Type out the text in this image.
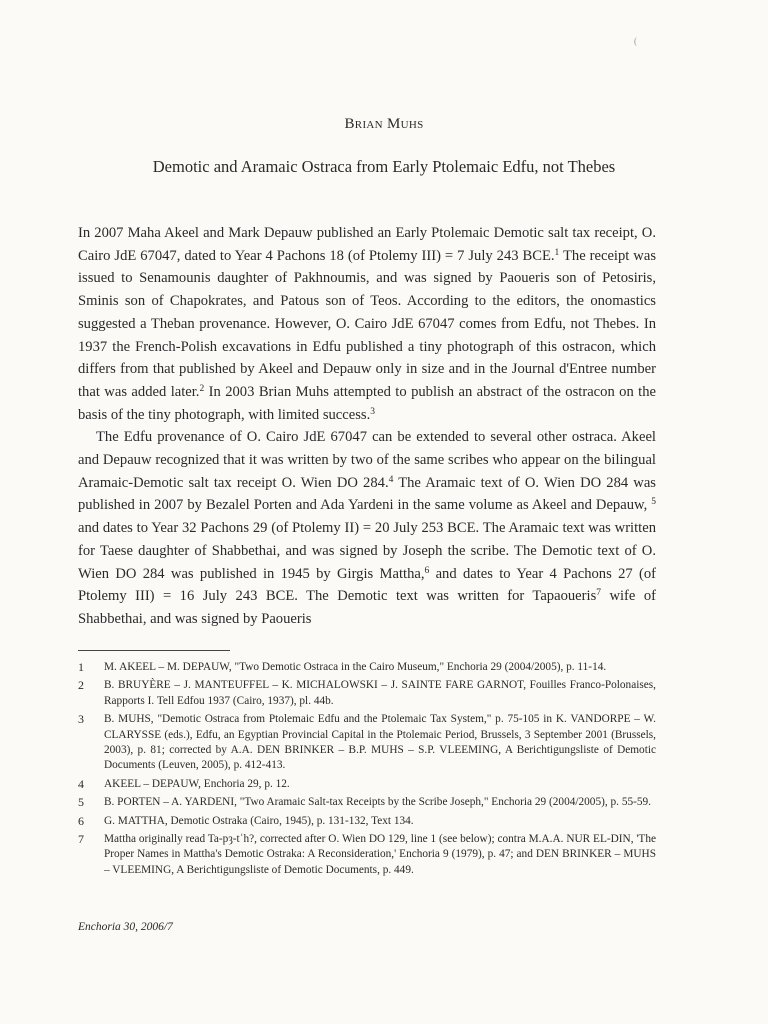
(
Brian Muhs
Demotic and Aramaic Ostraca from Early Ptolemaic Edfu, not Thebes

In 2007 Maha Akeel and Mark Depauw published an Early Ptolemaic Demotic salt tax receipt, O. Cairo JdE 67047, dated to Year 4 Pachons 18 (of Ptolemy III) = 7 July 243 BCE.$^1$ The receipt was issued to Senamounis daughter of Pakhnoumis, and was signed by Paoueris son of Petosiris, Sminis son of Chapokrates, and Patous son of Teos. According to the editors, the onomastics suggested a Theban provenance. However, O. Cairo JdE 67047 comes from Edfu, not Thebes. In 1937 the French-Polish excavations in Edfu published a tiny photograph of this ostracon, which differs from that published by Akeel and Depauw only in size and in the Journal d'Entree number that was added later.$^2$ In 2003 Brian Muhs attempted to publish an abstract of the ostracon on the basis of the tiny photograph, with limited success.$^3$

The Edfu provenance of O. Cairo JdE 67047 can be extended to several other ostraca. Akeel and Depauw recognized that it was written by two of the same scribes who appear on the bilingual Aramaic-Demotic salt tax receipt O. Wien DO 284.$^4$ The Aramaic text of O. Wien DO 284 was published in 2007 by Bezalel Porten and Ada Yardeni in the same volume as Akeel and Depauw, $^5$ and dates to Year 32 Pachons 29 (of Ptolemy II) = 20 July 253 BCE. The Aramaic text was written for Taese daughter of Shabbethai, and was signed by Joseph the scribe. The Demotic text of O. Wien DO 284 was published in 1945 by Girgis Mattha,$^6$ and dates to Year 4 Pachons 27 (of Ptolemy III) = 16 July 243 BCE. The Demotic text was written for Tapaoueris$^7$ wife of Shabbethai, and was signed by Paoueris

1	M. AKEEL – M. DEPAUW, "Two Demotic Ostraca in the Cairo Museum," Enchoria 29 (2004/2005), p. 11-14.
2	B. BRUYÈRE – J. MANTEUFFEL – K. MICHALOWSKI – J. SAINTE FARE GARNOT, Fouilles Franco-Polonaises, Rapports I. Tell Edfou 1937 (Cairo, 1937), pl. 44b.
3	B. MUHS, "Demotic Ostraca from Ptolemaic Edfu and the Ptolemaic Tax System," p. 75-105 in K. VANDORPE – W. CLARYSSE (eds.), Edfu, an Egyptian Provincial Capital in the Ptolemaic Period, Brussels, 3 September 2001 (Brussels, 2003), p. 81; corrected by A.A. DEN BRINKER – B.P. MUHS – S.P. VLEEMING, A Berichtigungsliste of Demotic Documents (Leuven, 2005), p. 412-413.
4	AKEEL – DEPAUW, Enchoria 29, p. 12.
5	B. PORTEN – A. YARDENI, "Two Aramaic Salt-tax Receipts by the Scribe Joseph," Enchoria 29 (2004/2005), p. 55-59.
6	G. MATTHA, Demotic Ostraka (Cairo, 1945), p. 131-132, Text 134.
7	Mattha originally read Ta-pȝ-tʿh?, corrected after O. Wien DO 129, line 1 (see below); contra M.A.A. NUR EL-DIN, 'The Proper Names in Mattha's Demotic Ostraka: A Reconsideration,' Enchoria 9 (1979), p. 47; and DEN BRINKER – MUHS – VLEEMING, A Berichtigungsliste of Demotic Documents, p. 449.
Enchoria 30, 2006/7
